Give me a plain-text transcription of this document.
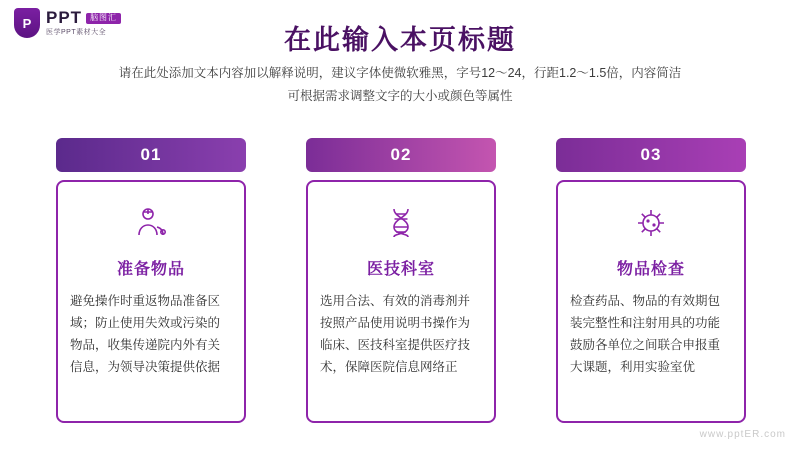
P PPT	脑图汇
医学PPT素材大全	在此输入本页标题
请在此处添加文本内容加以解释说明，建议字体使微软雅黑，字号12～24，行距1.2～1.5倍，内容简洁
可根据需求调整文字的大小或颜色等属性
01
准备物品
避免操作时重返物品准备区域；防止使用失效或污染的物品，收集传递院内外有关信息，为领导决策提供依据
02
医技科室
选用合法、有效的消毒剂并按照产品使用说明书操作为临床、医技科室提供医疗技术，保障医院信息网络正
03
物品检查
检查药品、物品的有效期包装完整性和注射用具的功能鼓励各单位之间联合申报重大课题，利用实验室优
www.pptER.com
